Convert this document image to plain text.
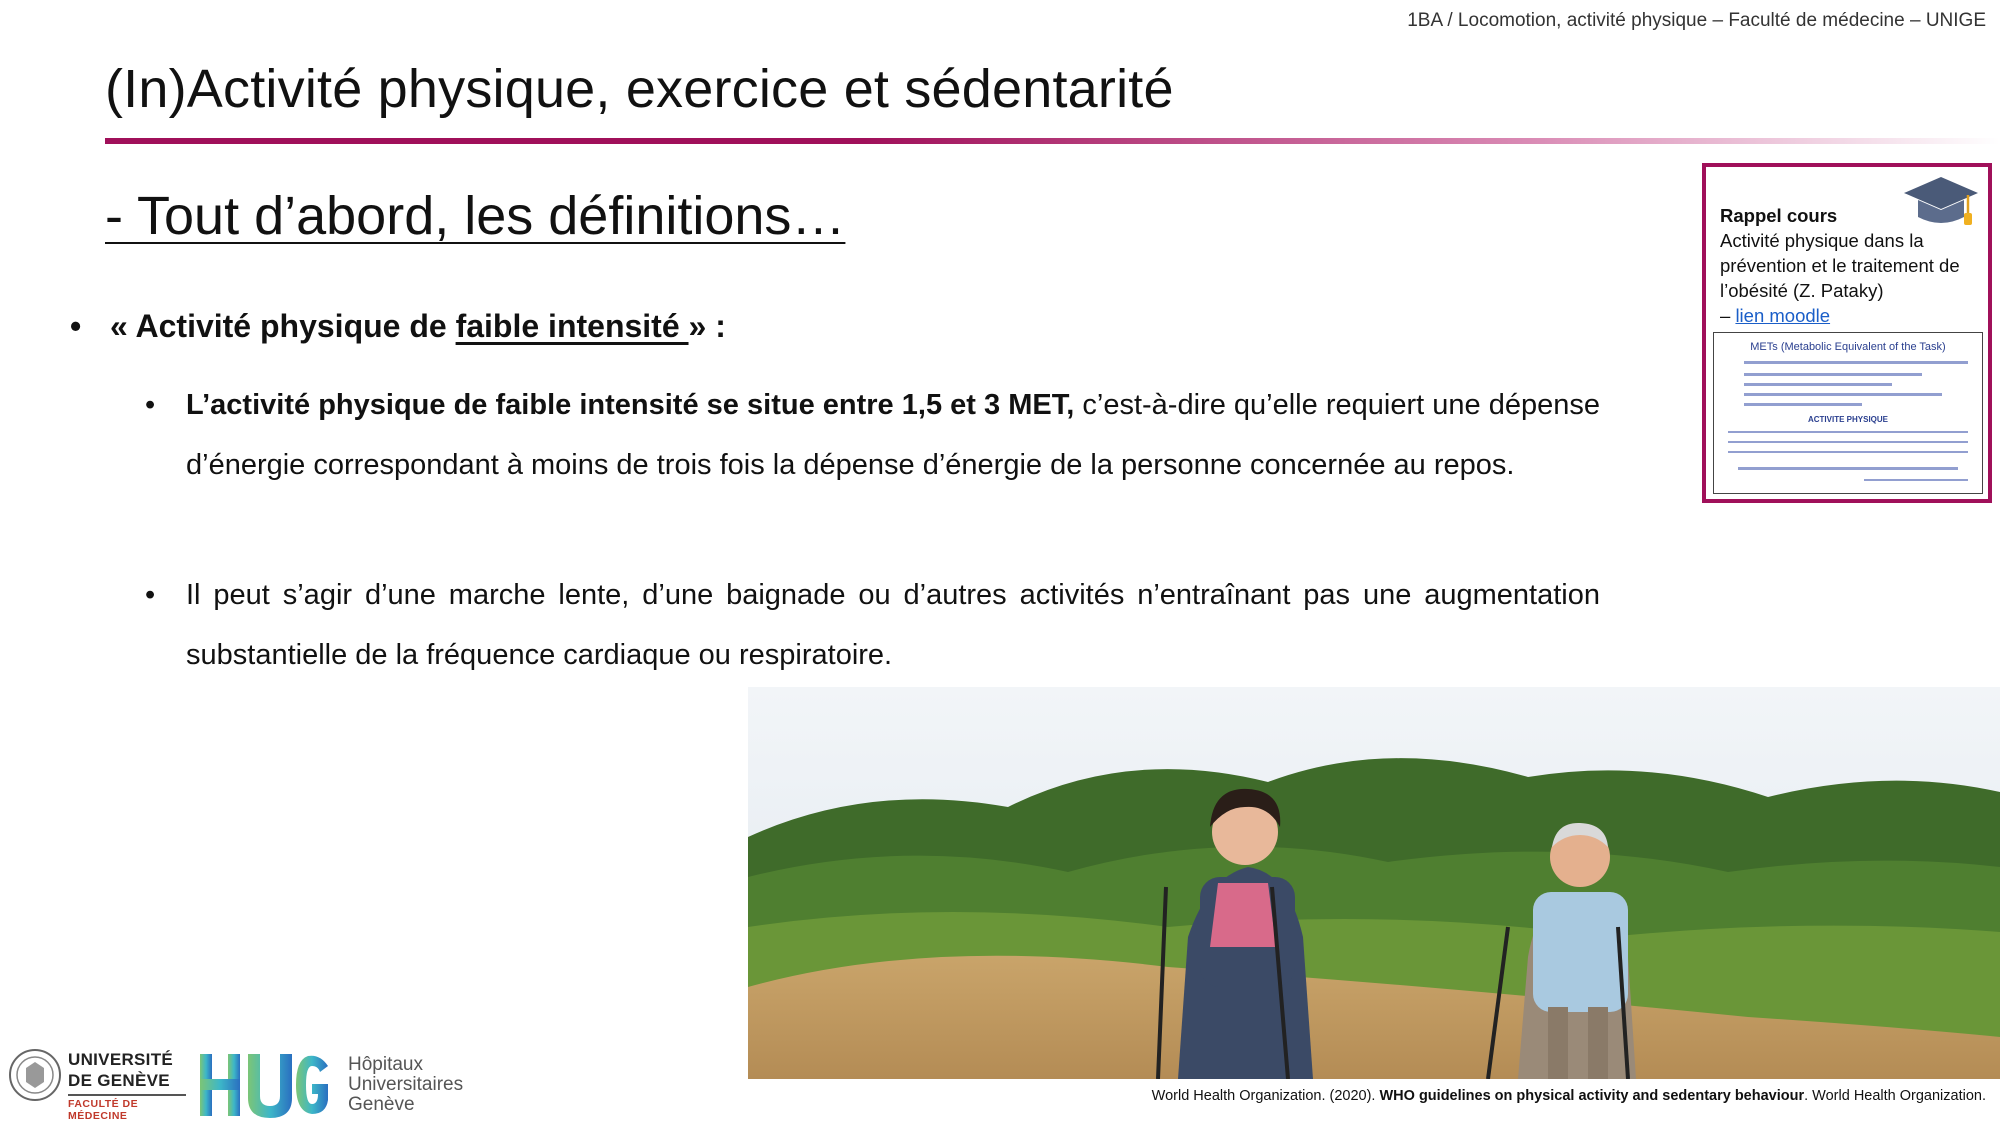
1BA / Locomotion, activité physique – Faculté de médecine – UNIGE
(In)Activité physique, exercice et sédentarité
- Tout d’abord, les définitions…
• « Activité physique de faible intensité » :
• L’activité physique de faible intensité se situe entre 1,5 et 3 MET, c’est-à-dire qu’elle requiert une dépense d’énergie correspondant à moins de trois fois la dépense d’énergie de la personne concernée au repos.
• Il peut s’agir d’une marche lente, d’une baignade ou d’autres activités n’entraînant pas une augmentation substantielle de la fréquence cardiaque ou respiratoire.
Rappel cours
Activité physique dans la prévention et le traitement de l’obésité (Z. Pataky)
– lien moodle
METs (Metabolic Equivalent of the Task)
ACTIVITE PHYSIQUE
World Health Organization. (2020). WHO guidelines on physical activity and sedentary behaviour. World Health Organization.
UNIVERSITÉ
DE GENÈVE
FACULTÉ DE MÉDECINE
Hôpitaux
Universitaires
Genève
